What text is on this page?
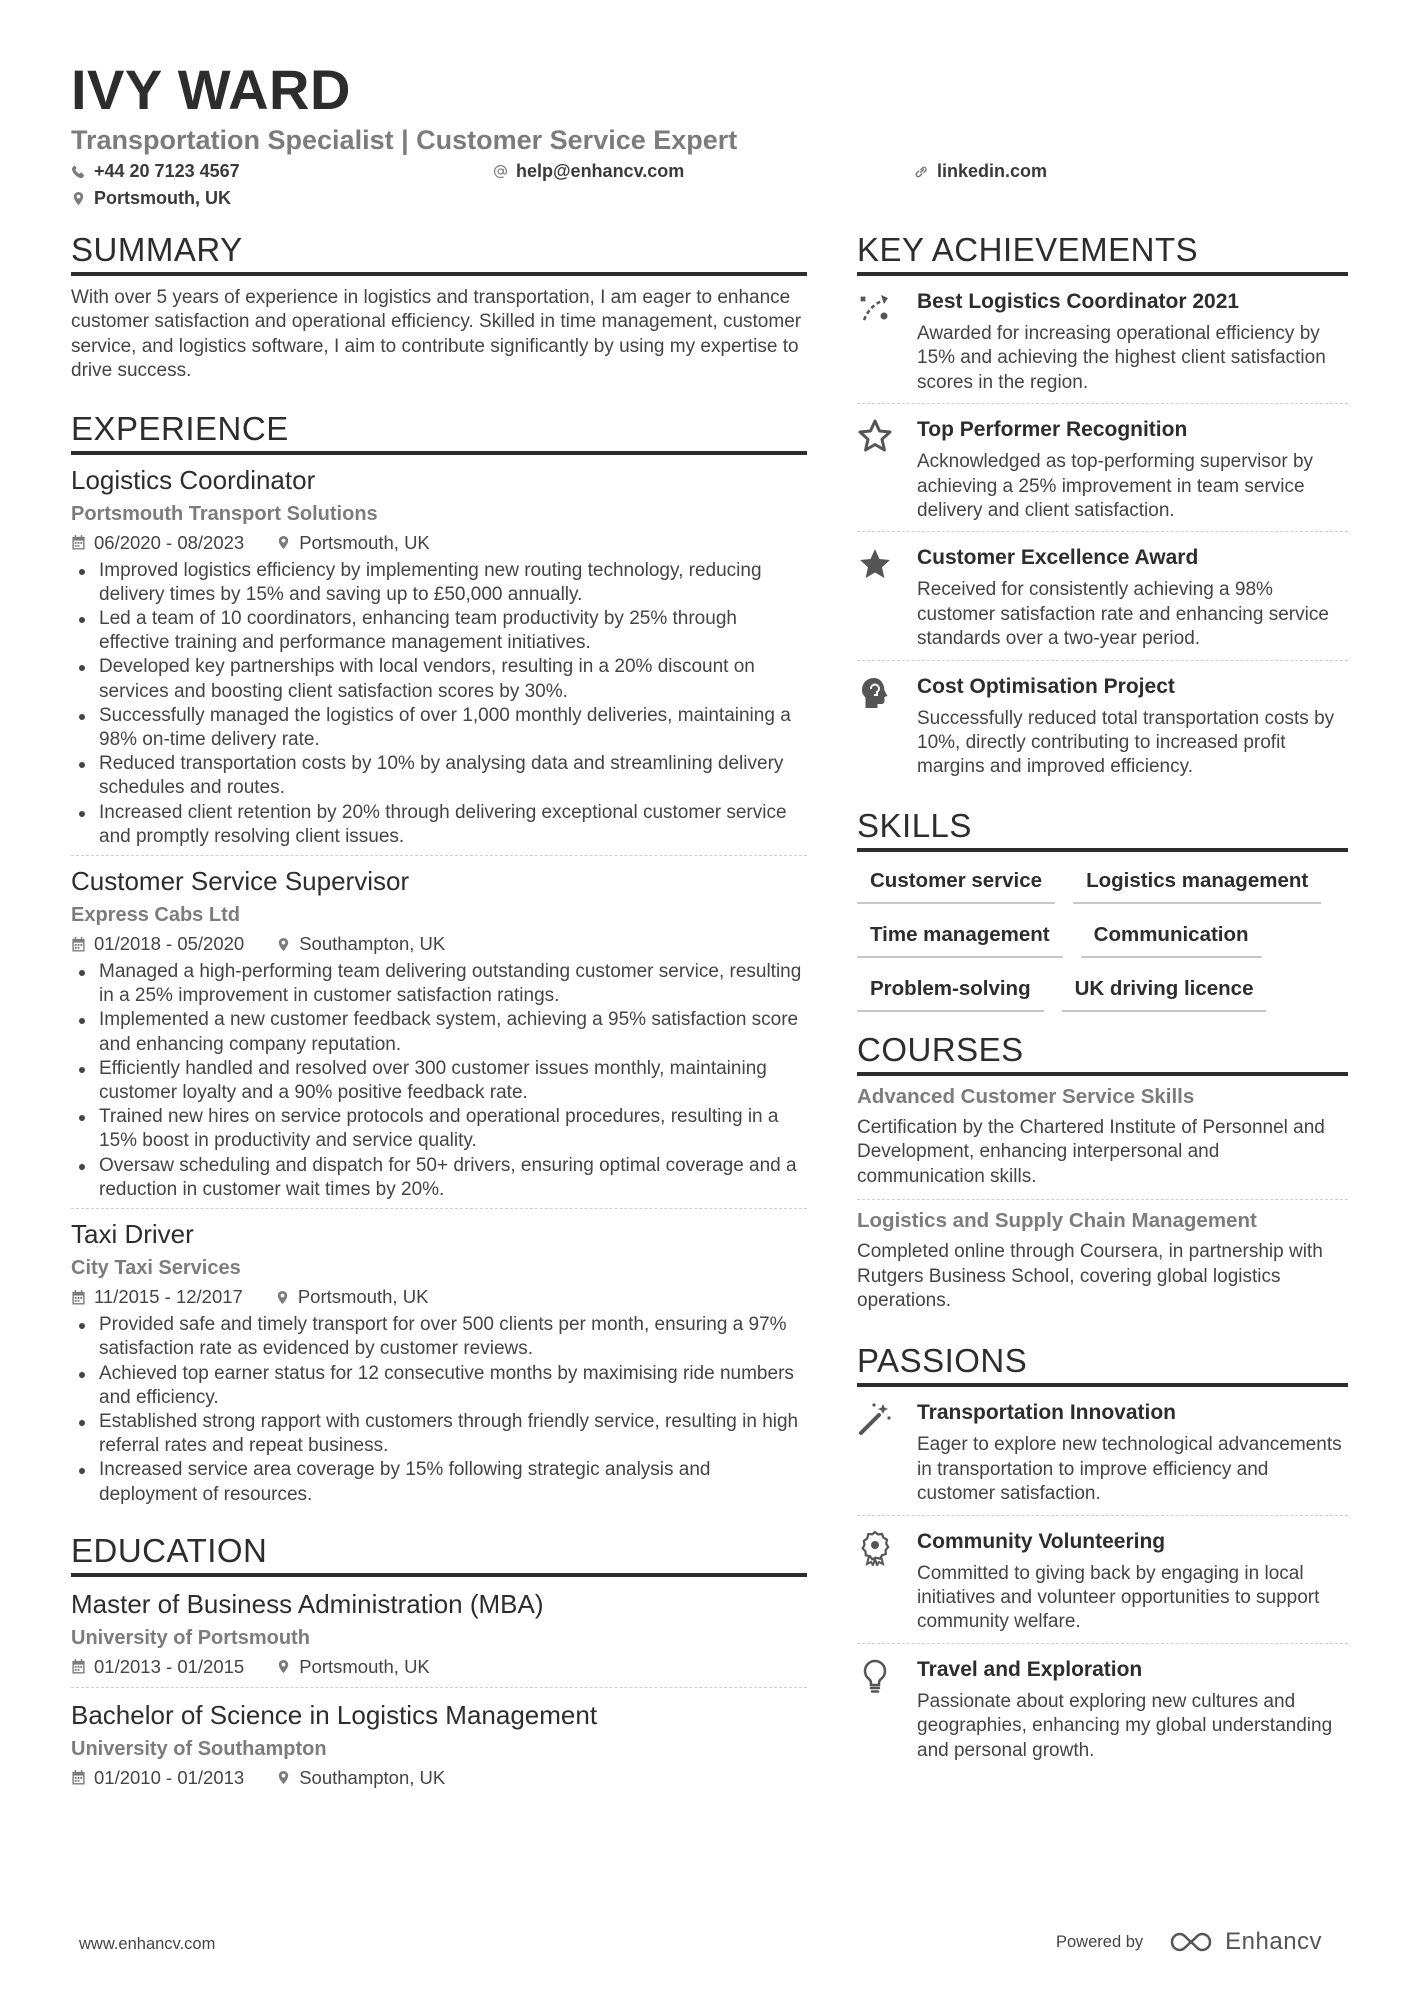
IVY WARD
Transportation Specialist | Customer Service Expert
+44 20 7123 4567	help@enhancv.com	linkedin.com
Portsmouth, UK
SUMMARY
With over 5 years of experience in logistics and transportation, I am eager to enhance customer satisfaction and operational efficiency. Skilled in time management, customer service, and logistics software, I aim to contribute significantly by using my expertise to drive success.
EXPERIENCE
Logistics Coordinator
Portsmouth Transport Solutions
06/2020 - 08/2023	Portsmouth, UK
Improved logistics efficiency by implementing new routing technology, reducing delivery times by 15% and saving up to £50,000 annually.
Led a team of 10 coordinators, enhancing team productivity by 25% through effective training and performance management initiatives.
Developed key partnerships with local vendors, resulting in a 20% discount on services and boosting client satisfaction scores by 30%.
Successfully managed the logistics of over 1,000 monthly deliveries, maintaining a 98% on-time delivery rate.
Reduced transportation costs by 10% by analysing data and streamlining delivery schedules and routes.
Increased client retention by 20% through delivering exceptional customer service and promptly resolving client issues.
Customer Service Supervisor
Express Cabs Ltd
01/2018 - 05/2020	Southampton, UK
Managed a high-performing team delivering outstanding customer service, resulting in a 25% improvement in customer satisfaction ratings.
Implemented a new customer feedback system, achieving a 95% satisfaction score and enhancing company reputation.
Efficiently handled and resolved over 300 customer issues monthly, maintaining customer loyalty and a 90% positive feedback rate.
Trained new hires on service protocols and operational procedures, resulting in a 15% boost in productivity and service quality.
Oversaw scheduling and dispatch for 50+ drivers, ensuring optimal coverage and a reduction in customer wait times by 20%.
Taxi Driver
City Taxi Services
11/2015 - 12/2017	Portsmouth, UK
Provided safe and timely transport for over 500 clients per month, ensuring a 97% satisfaction rate as evidenced by customer reviews.
Achieved top earner status for 12 consecutive months by maximising ride numbers and efficiency.
Established strong rapport with customers through friendly service, resulting in high referral rates and repeat business.
Increased service area coverage by 15% following strategic analysis and deployment of resources.
EDUCATION
Master of Business Administration (MBA)
University of Portsmouth
01/2013 - 01/2015	Portsmouth, UK
Bachelor of Science in Logistics Management
University of Southampton
01/2010 - 01/2013	Southampton, UK
KEY ACHIEVEMENTS
Best Logistics Coordinator 2021
Awarded for increasing operational efficiency by 15% and achieving the highest client satisfaction scores in the region.
Top Performer Recognition
Acknowledged as top-performing supervisor by achieving a 25% improvement in team service delivery and client satisfaction.
Customer Excellence Award
Received for consistently achieving a 98% customer satisfaction rate and enhancing service standards over a two-year period.
Cost Optimisation Project
Successfully reduced total transportation costs by 10%, directly contributing to increased profit margins and improved efficiency.
SKILLS
Customer service	Logistics management
Time management	Communication
Problem-solving	UK driving licence
COURSES
Advanced Customer Service Skills
Certification by the Chartered Institute of Personnel and Development, enhancing interpersonal and communication skills.
Logistics and Supply Chain Management
Completed online through Coursera, in partnership with Rutgers Business School, covering global logistics operations.
PASSIONS
Transportation Innovation
Eager to explore new technological advancements in transportation to improve efficiency and customer satisfaction.
Community Volunteering
Committed to giving back by engaging in local initiatives and volunteer opportunities to support community welfare.
Travel and Exploration
Passionate about exploring new cultures and geographies, enhancing my global understanding and personal growth.
www.enhancv.com	Powered by	Enhancv
